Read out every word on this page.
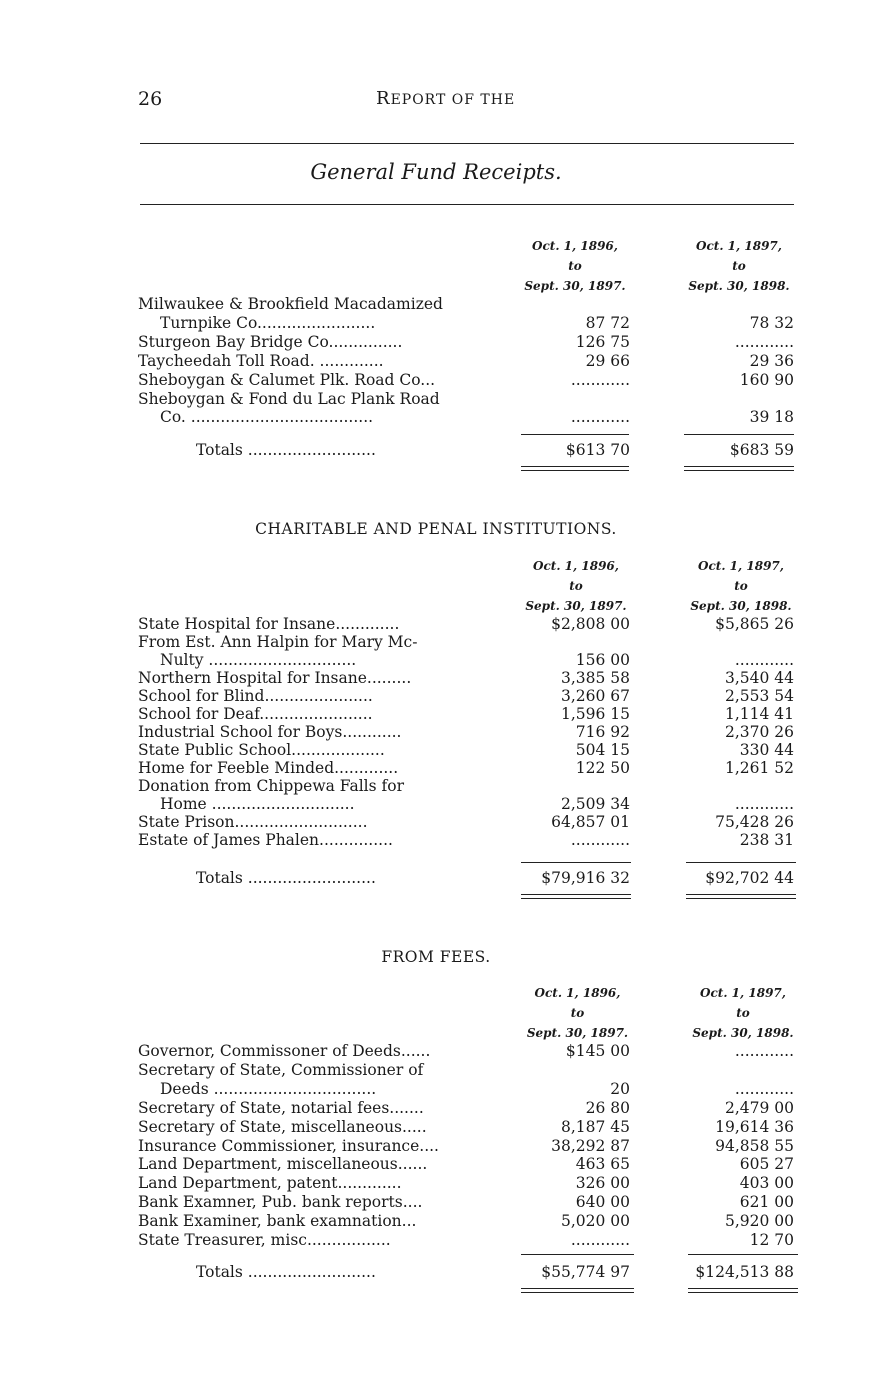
26	REPORT OF THE
General Fund Receipts.
Oct. 1, 1896,
to
Sept. 30, 1897.
Oct. 1, 1897,
to
Sept. 30, 1898.
Milwaukee & Brookfield Macadamized
Turnpike Co........................	87 72	78 32
Sturgeon Bay Bridge Co...............	126 75	............
Taycheedah Toll Road. .............	29 66	29 36
Sheboygan & Calumet Plk. Road Co...	............	160 90
Sheboygan & Fond du Lac Plank Road
Co. .....................................	............	39 18
Totals ..........................	$613 70	$683 59
CHARITABLE AND PENAL INSTITUTIONS.
Oct. 1, 1896,
to
Sept. 30, 1897.
Oct. 1, 1897,
to
Sept. 30, 1898.
State Hospital for Insane.............	$2,808 00	$5,865 26
From Est. Ann Halpin for Mary Mc-
Nulty ..............................	156 00	............
Northern Hospital for Insane.........	3,385 58	3,540 44
School for Blind......................	3,260 67	2,553 54
School for Deaf.......................	1,596 15	1,114 41
Industrial School for Boys............	716 92	2,370 26
State Public School...................	504 15	330 44
Home for Feeble Minded.............	122 50	1,261 52
Donation from Chippewa Falls for
Home .............................	2,509 34	............
State Prison...........................	64,857 01	75,428 26
Estate of James Phalen...............	............	238 31
Totals ..........................	$79,916 32	$92,702 44
FROM FEES.
Oct. 1, 1896,
to
Sept. 30, 1897.
Oct. 1, 1897,
to
Sept. 30, 1898.
Governor, Commissoner of Deeds......	$145 00	............
Secretary of State, Commissioner of
Deeds .................................	20	............
Secretary of State, notarial fees.......	26 80	2,479 00
Secretary of State, miscellaneous.....	8,187 45	19,614 36
Insurance Commissioner, insurance....	38,292 87	94,858 55
Land Department, miscellaneous......	463 65	605 27
Land Department, patent.............	326 00	403 00
Bank Examner, Pub. bank reports....	640 00	621 00
Bank Examiner, bank examnation...	5,020 00	5,920 00
State Treasurer, misc.................	............	12 70
Totals ..........................	$55,774 97	$124,513 88
